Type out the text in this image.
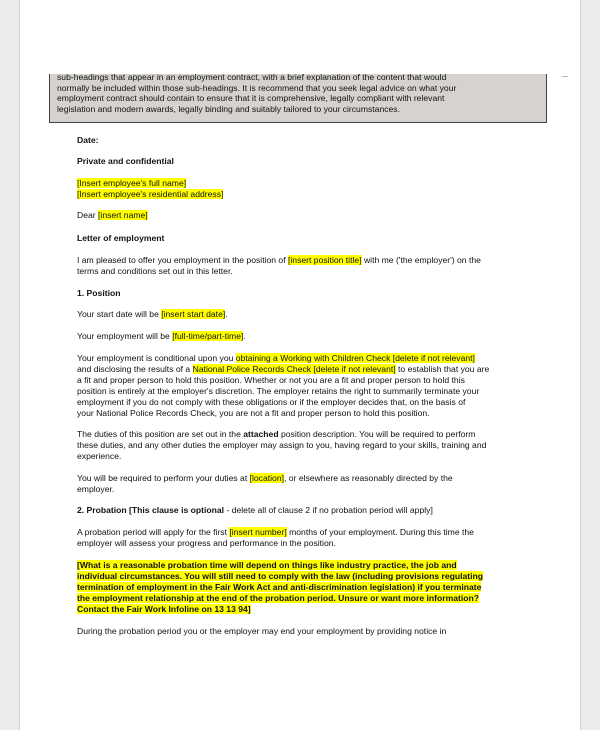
sub-headings that appear in an employment contract, with a brief explanation of the content that would

normally be included within those sub-headings. It is recommend that you seek legal advice on what your

employment contract should contain to ensure that it is comprehensive, legally compliant with relevant

legislation and modern awards, legally binding and suitably tailored to your circumstances.

Date:

Private and confidential

[Insert employee's full name]

[Insert employee's residential address]

Dear [insert name]

Letter of employment

I am pleased to offer you employment in the position of [insert position title] with me ('the employer') on the

terms and conditions set out in this letter.

1. Position

Your start date will be [insert start date].

Your employment will be [full-time/part-time].

Your employment is conditional upon you obtaining a Working with Children Check [delete if not relevant]

and disclosing the results of a National Police Records Check [delete if not relevant] to establish that you are

a fit and proper person to hold this position. Whether or not you are a fit and proper person to hold this

position is entirely at the employer's discretion. The employer retains the right to summarily terminate your

employment if you do not comply with these obligations or if the employer decides that, on the basis of

your National Police Records Check, you are not a fit and proper person to hold this position.

The duties of this position are set out in the attached position description. You will be required to perform

these duties, and any other duties the employer may assign to you, having regard to your skills, training and

experience.

You will be required to perform your duties at [location], or elsewhere as reasonably directed by the

employer.

2. Probation [This clause is optional - delete all of clause 2 if no probation period will apply]

A probation period will apply for the first [insert number] months of your employment. During this time the

employer will assess your progress and performance in the position.

[What is a reasonable probation time will depend on things like industry practice, the job and

individual circumstances. You will still need to comply with the law (including provisions regulating

termination of employment in the Fair Work Act and anti-discrimination legislation) if you terminate

the employment relationship at the end of the probation period. Unsure or want more information?

Contact the Fair Work Infoline on 13 13 94]

During the probation period you or the employer may end your employment by providing notice in
